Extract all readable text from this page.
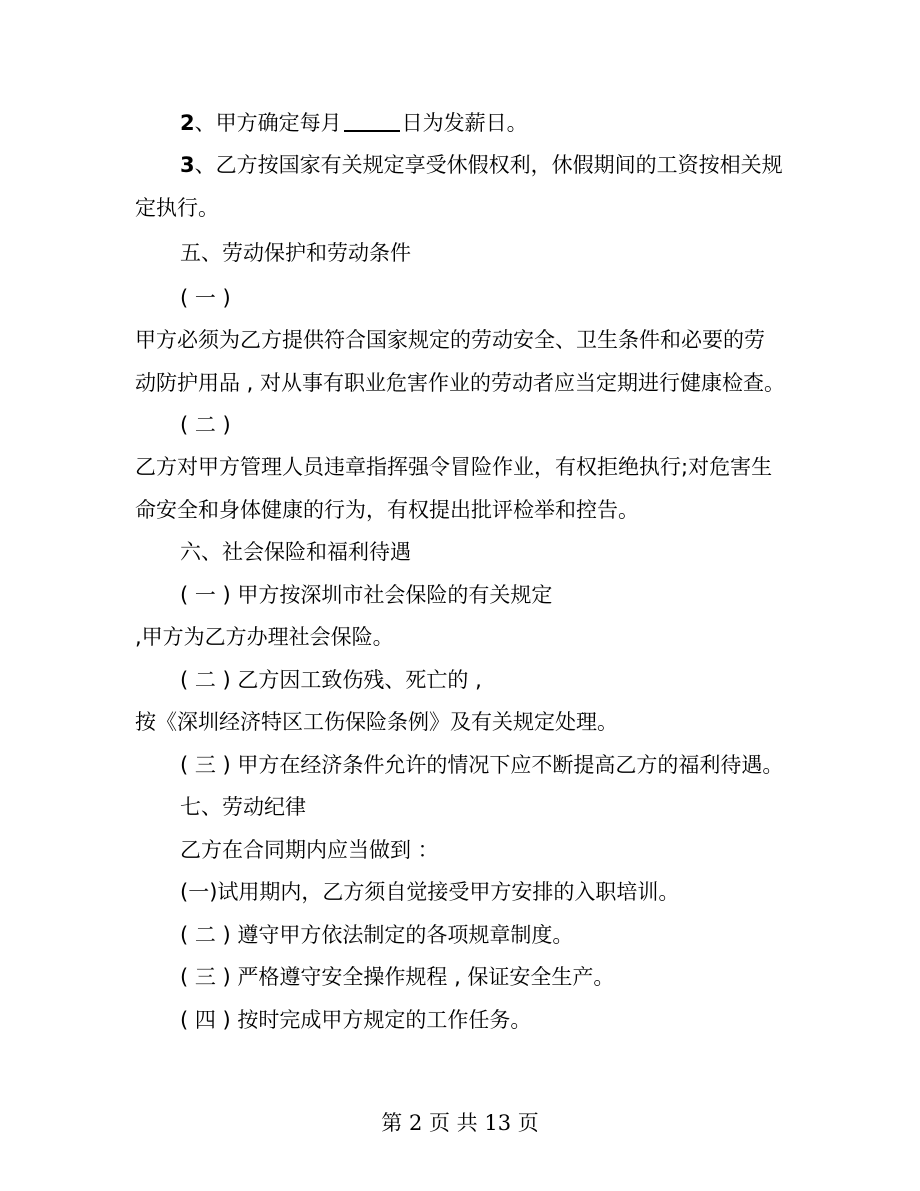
2、甲方确定每月	日为发薪日。
3、乙方按国家有关规定享受休假权利，休假期间的工资按相关规
定执行。
五、劳动保护和劳动条件
( 一 )
甲方必须为乙方提供符合国家规定的劳动安全、卫生条件和必要的劳
动防护用品 , 对从事有职业危害作业的劳动者应当定期进行健康检查。
( 二 )
乙方对甲方管理人员违章指挥强令冒险作业，有权拒绝执行;对危害生
命安全和身体健康的行为，有权提出批评检举和控告。
六、社会保险和福利待遇
( 一 ) 甲方按深圳市社会保险的有关规定
,甲方为乙方办理社会保险。
( 二 ) 乙方因工致伤残、死亡的 ,
按《深圳经济特区工伤保险条例》及有关规定处理。
( 三 ) 甲方在经济条件允许的情况下应不断提高乙方的福利待遇。
七、劳动纪律
乙方在合同期内应当做到 ：
(一)试用期内，乙方须自觉接受甲方安排的入职培训。
( 二 ) 遵守甲方依法制定的各项规章制度。
( 三 ) 严格遵守安全操作规程 , 保证安全生产。
( 四 ) 按时完成甲方规定的工作任务。
第 2 页 共 13 页
